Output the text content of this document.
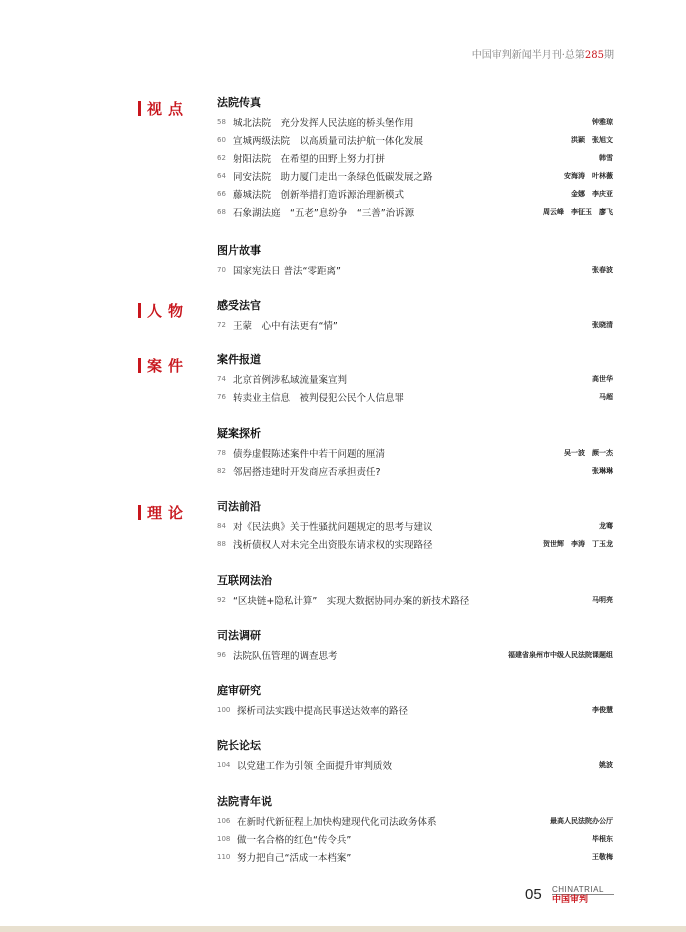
中国审判新闻半月刊·总第285期
视点
人物
案件
理论
法院传真
58 城北法院　充分发挥人民法庭的桥头堡作用	钟雅琼
60 宣城两级法院　以高质量司法护航一体化发展	洪颖　张旭文
62 射阳法院　在希望的田野上努力打拼	韩雪
64 同安法院　助力厦门走出一条绿色低碳发展之路	安海涛　叶林薇
66 藤城法院　创新举措打造诉源治理新模式	金娜　李庆亚
68 石象湖法庭　“五老”息纷争　“三善”治诉源	周云峰　李征玉　廖飞
图片故事
70 国家宪法日 普法“零距离”	张春波
感受法官
72 王蒙　心中有法更有“情”	张晓清
案件报道
74 北京首例涉私域流量案宣判	高世华
76 转卖业主信息　被判侵犯公民个人信息罪	马超
疑案探析
78 债券虚假陈述案件中若干问题的厘清	吴一波　颜一杰
82 邻居搭违建时开发商应否承担责任?	张琳琳
司法前沿
84 对《民法典》关于性骚扰问题规定的思考与建议	龙骞
88 浅析债权人对未完全出资股东请求权的实现路径	贺世辉　李涛　丁玉龙
互联网法治
92 “区块链+隐私计算”　实现大数据协同办案的新技术路径	马明亮
司法调研
96 法院队伍管理的调查思考	福建省泉州市中级人民法院课题组
庭审研究
100 探析司法实践中提高民事送达效率的路径	李俊慧
院长论坛
104 以党建工作为引领 全面提升审判质效	姚波
法院青年说
106 在新时代新征程上加快构建现代化司法政务体系	最高人民法院办公厅
108 做一名合格的红色“传令兵”	毕根东
110 努力把自己“活成一本档案”	王敬梅
05 CHINATRIAL
中国审判
